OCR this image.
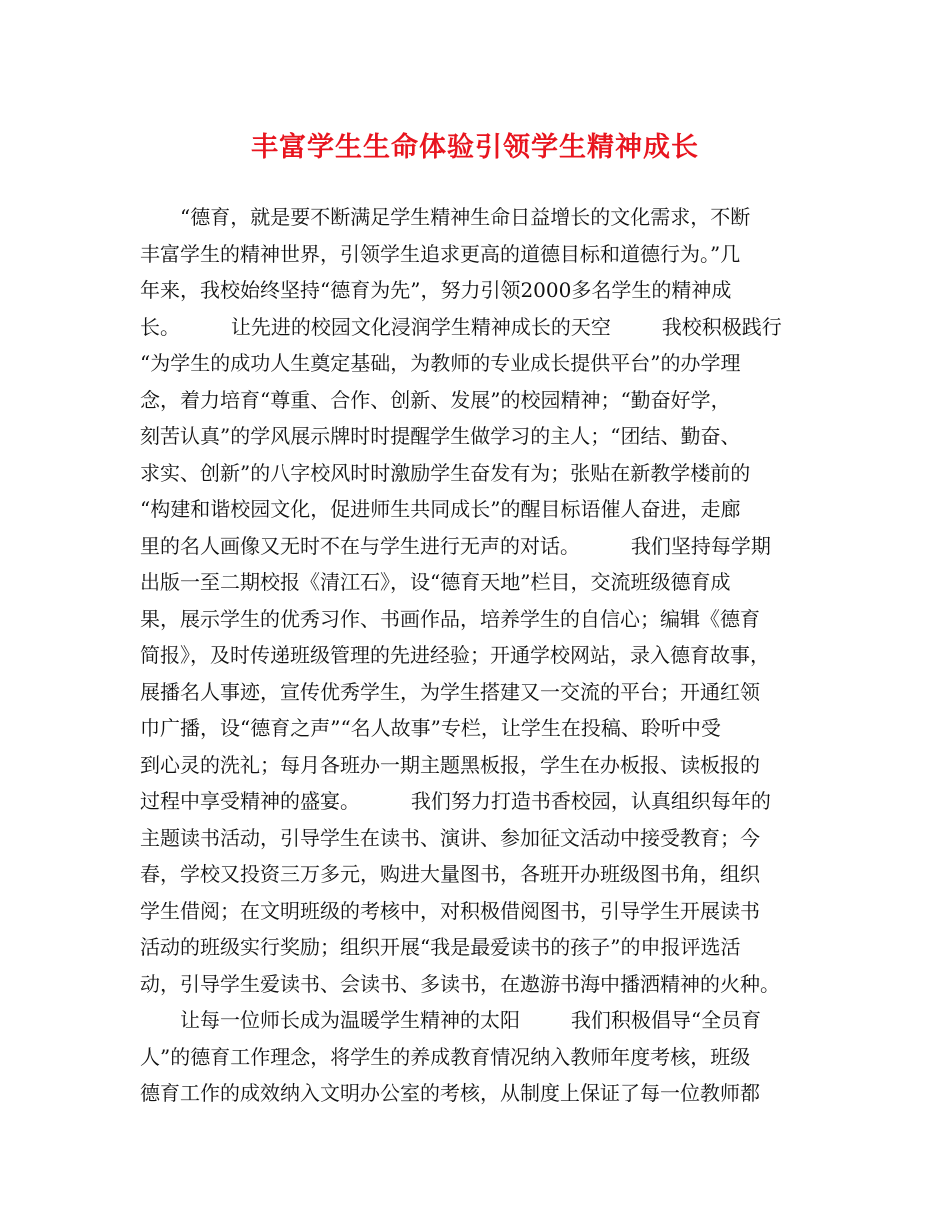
丰富学生生命体验引领学生精神成长
“德育，就是要不断满足学生精神生命日益增长的文化需求，不断
丰富学生的精神世界，引领学生追求更高的道德目标和道德行为。”几
年来，我校始终坚持“德育为先”，努力引领2000多名学生的精神成
长。        让先进的校园文化浸润学生精神成长的天空        我校积极践行
“为学生的成功人生奠定基础，为教师的专业成长提供平台”的办学理
念，着力培育“尊重、合作、创新、发展”的校园精神；“勤奋好学，
刻苦认真”的学风展示牌时时提醒学生做学习的主人；“团结、勤奋、
求实、创新”的八字校风时时激励学生奋发有为；张贴在新教学楼前的
“构建和谐校园文化，促进师生共同成长”的醒目标语催人奋进，走廊
里的名人画像又无时不在与学生进行无声的对话。        我们坚持每学期
出版一至二期校报《清江石》，设“德育天地”栏目，交流班级德育成
果，展示学生的优秀习作、书画作品，培养学生的自信心；编辑《德育
简报》，及时传递班级管理的先进经验；开通学校网站，录入德育故事，
展播名人事迹，宣传优秀学生，为学生搭建又一交流的平台；开通红领
巾广播，设“德育之声”“名人故事”专栏，让学生在投稿、聆听中受
到心灵的洗礼；每月各班办一期主题黑板报，学生在办板报、读板报的
过程中享受精神的盛宴。        我们努力打造书香校园，认真组织每年的
主题读书活动，引导学生在读书、演讲、参加征文活动中接受教育；今
春，学校又投资三万多元，购进大量图书，各班开办班级图书角，组织
学生借阅；在文明班级的考核中，对积极借阅图书，引导学生开展读书
活动的班级实行奖励；组织开展“我是最爱读书的孩子”的申报评选活
动，引导学生爱读书、会读书、多读书，在遨游书海中播洒精神的火种。
让每一位师长成为温暖学生精神的太阳        我们积极倡导“全员育
人”的德育工作理念，将学生的养成教育情况纳入教师年度考核，班级
德育工作的成效纳入文明办公室的考核，从制度上保证了每一位教师都
